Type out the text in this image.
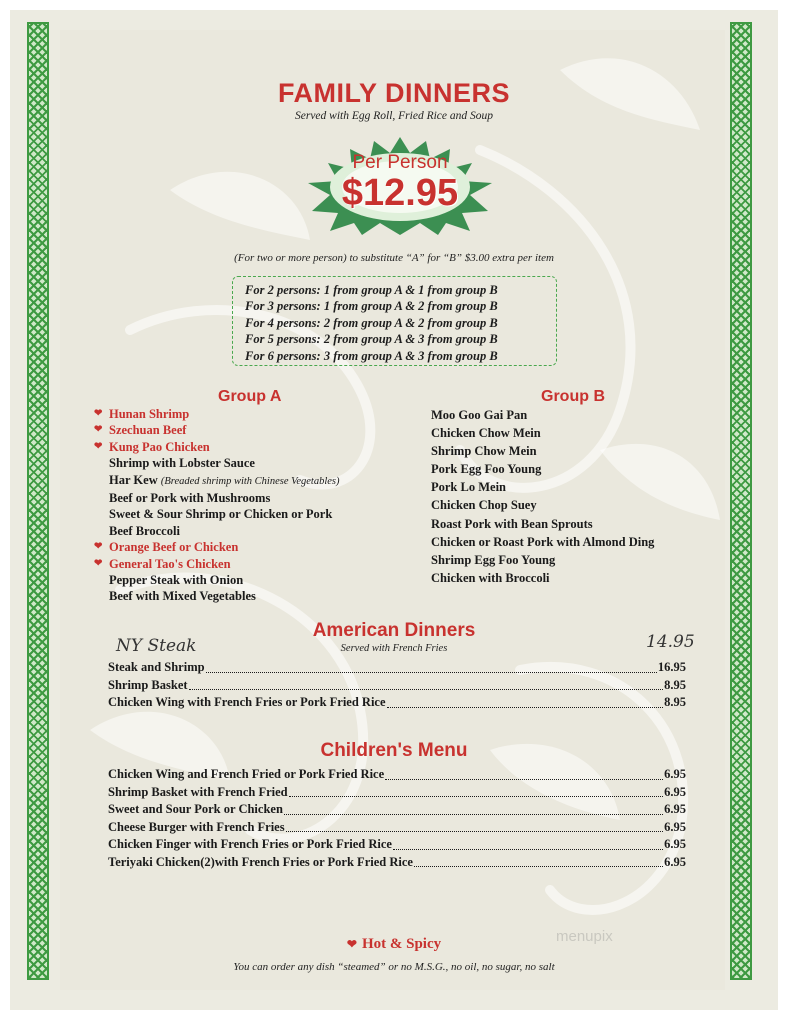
FAMILY DINNERS
Served with Egg Roll, Fried Rice and Soup
Per Person
$12.95
(For two or more person) to substitute “A” for “B” $3.00 extra per item
For 2 persons: 1 from group A & 1 from group B
For 3 persons: 1 from group A & 2 from group B
For 4 persons: 2 from group A & 2 from group B
For 5 persons: 2 from group A & 3 from group B
For 6 persons: 3 from group A & 3 from group B
Group A	Group B
❤ Hunan Shrimp
❤ Szechuan Beef
❤ Kung Pao Chicken
Shrimp with Lobster Sauce
Har Kew (Breaded shrimp with Chinese Vegetables)
Beef or Pork with Mushrooms
Sweet & Sour Shrimp or Chicken or Pork
Beef Broccoli
❤ Orange Beef or Chicken
❤ General Tao's Chicken
Pepper Steak with Onion
Beef with Mixed Vegetables
Moo Goo Gai Pan
Chicken Chow Mein
Shrimp Chow Mein
Pork Egg Foo Young
Pork Lo Mein
Chicken Chop Suey
Roast Pork with Bean Sprouts
Chicken or Roast Pork with Almond Ding
Shrimp Egg Foo Young
Chicken with Broccoli
American Dinners
Served with French Fries
NY Steak	14.95
Steak and Shrimp	16.95
Shrimp Basket	8.95
Chicken Wing with French Fries or Pork Fried Rice	8.95
Children's Menu
Chicken Wing and French Fried or Pork Fried Rice	6.95
Shrimp Basket with French Fried	6.95
Sweet and Sour Pork or Chicken	6.95
Cheese Burger with French Fries	6.95
Chicken Finger with French Fries or Pork Fried Rice	6.95
Teriyaki Chicken(2)with French Fries or Pork Fried Rice	6.95
❤ Hot & Spicy
You can order any dish “steamed” or no M.S.G., no oil, no sugar, no salt
menupix
